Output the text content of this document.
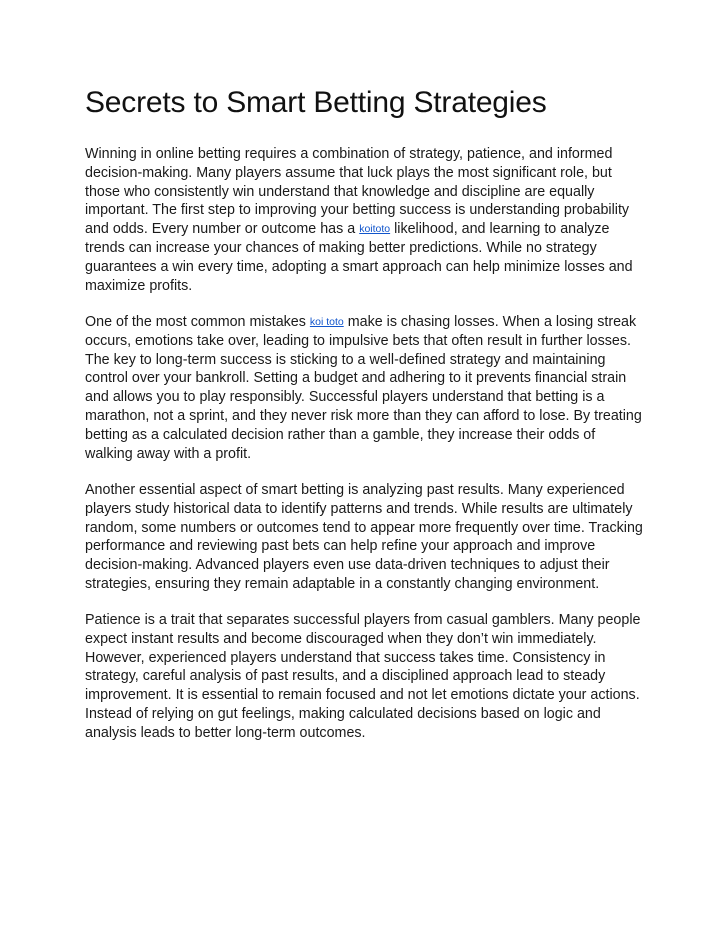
Secrets to Smart Betting Strategies

Winning in online betting requires a combination of strategy, patience, and informed decision-making. Many players assume that luck plays the most significant role, but those who consistently win understand that knowledge and discipline are equally important. The first step to improving your betting success is understanding probability and odds. Every number or outcome has a koitoto likelihood, and learning to analyze trends can increase your chances of making better predictions. While no strategy guarantees a win every time, adopting a smart approach can help minimize losses and maximize profits.

One of the most common mistakes koi toto make is chasing losses. When a losing streak occurs, emotions take over, leading to impulsive bets that often result in further losses. The key to long-term success is sticking to a well-defined strategy and maintaining control over your bankroll. Setting a budget and adhering to it prevents financial strain and allows you to play responsibly. Successful players understand that betting is a marathon, not a sprint, and they never risk more than they can afford to lose. By treating betting as a calculated decision rather than a gamble, they increase their odds of walking away with a profit.

Another essential aspect of smart betting is analyzing past results. Many experienced players study historical data to identify patterns and trends. While results are ultimately random, some numbers or outcomes tend to appear more frequently over time. Tracking performance and reviewing past bets can help refine your approach and improve decision-making. Advanced players even use data-driven techniques to adjust their strategies, ensuring they remain adaptable in a constantly changing environment.

Patience is a trait that separates successful players from casual gamblers. Many people expect instant results and become discouraged when they don’t win immediately. However, experienced players understand that success takes time. Consistency in strategy, careful analysis of past results, and a disciplined approach lead to steady improvement. It is essential to remain focused and not let emotions dictate your actions. Instead of relying on gut feelings, making calculated decisions based on logic and analysis leads to better long-term outcomes.
